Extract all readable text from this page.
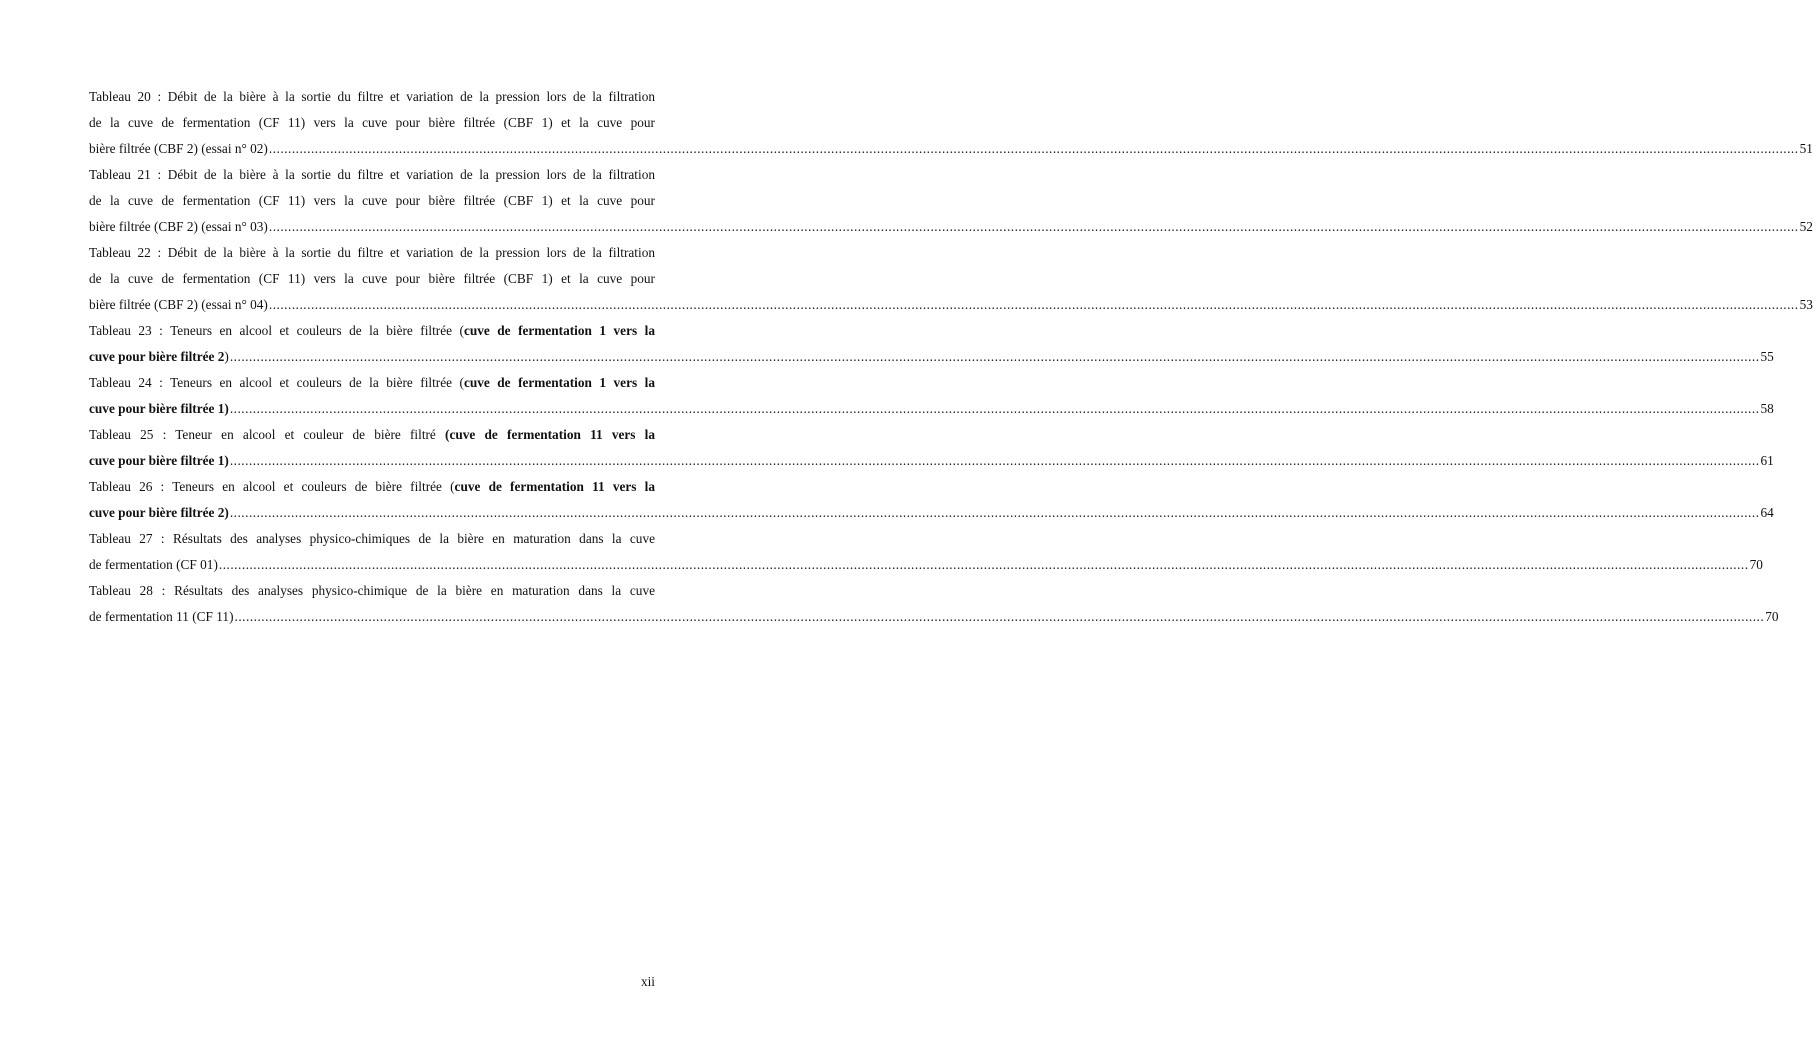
Tableau 20 : Débit de la bière à la sortie du filtre et variation de la pression lors de la filtration
de la cuve de fermentation (CF 11) vers la cuve pour bière filtrée (CBF 1) et la cuve pour
bière filtrée (CBF 2) (essai n° 02) ................................................................................................................................................................................................................................................................................................................................................................................................................ 51
Tableau 21 : Débit de la bière à la sortie du filtre et variation de la pression lors de la filtration
de la cuve de fermentation (CF 11) vers la cuve pour bière filtrée (CBF 1) et la cuve pour
bière filtrée (CBF 2) (essai n° 03) ................................................................................................................................................................................................................................................................................................................................................................................................................ 52
Tableau 22 : Débit de la bière à la sortie du filtre et variation de la pression lors de la filtration
de la cuve de fermentation (CF 11) vers la cuve pour bière filtrée (CBF 1) et la cuve pour
bière filtrée (CBF 2) (essai n° 04) ................................................................................................................................................................................................................................................................................................................................................................................................................ 53
Tableau 23 : Teneurs en alcool et couleurs de la bière filtrée (cuve de fermentation 1 vers la
cuve pour bière filtrée 2) ................................................................................................................................................................................................................................................................................................................................................................................................................ 55
Tableau 24 : Teneurs en alcool et couleurs de la bière filtrée (cuve de fermentation 1 vers la
cuve pour bière filtrée 1) ................................................................................................................................................................................................................................................................................................................................................................................................................ 58
Tableau 25 : Teneur en alcool et couleur de bière filtré (cuve de fermentation 11 vers la
cuve pour bière filtrée 1) ................................................................................................................................................................................................................................................................................................................................................................................................................ 61
Tableau 26 : Teneurs en alcool et couleurs de bière filtrée (cuve de fermentation 11 vers la
cuve pour bière filtrée 2) ................................................................................................................................................................................................................................................................................................................................................................................................................ 64
Tableau 27 : Résultats des analyses physico-chimiques de la bière en maturation dans la cuve
de fermentation (CF 01) ................................................................................................................................................................................................................................................................................................................................................................................................................ 70
Tableau 28 : Résultats des analyses physico-chimique de la bière en maturation dans la cuve
de fermentation 11 (CF 11) ................................................................................................................................................................................................................................................................................................................................................................................................................ 70
xii
